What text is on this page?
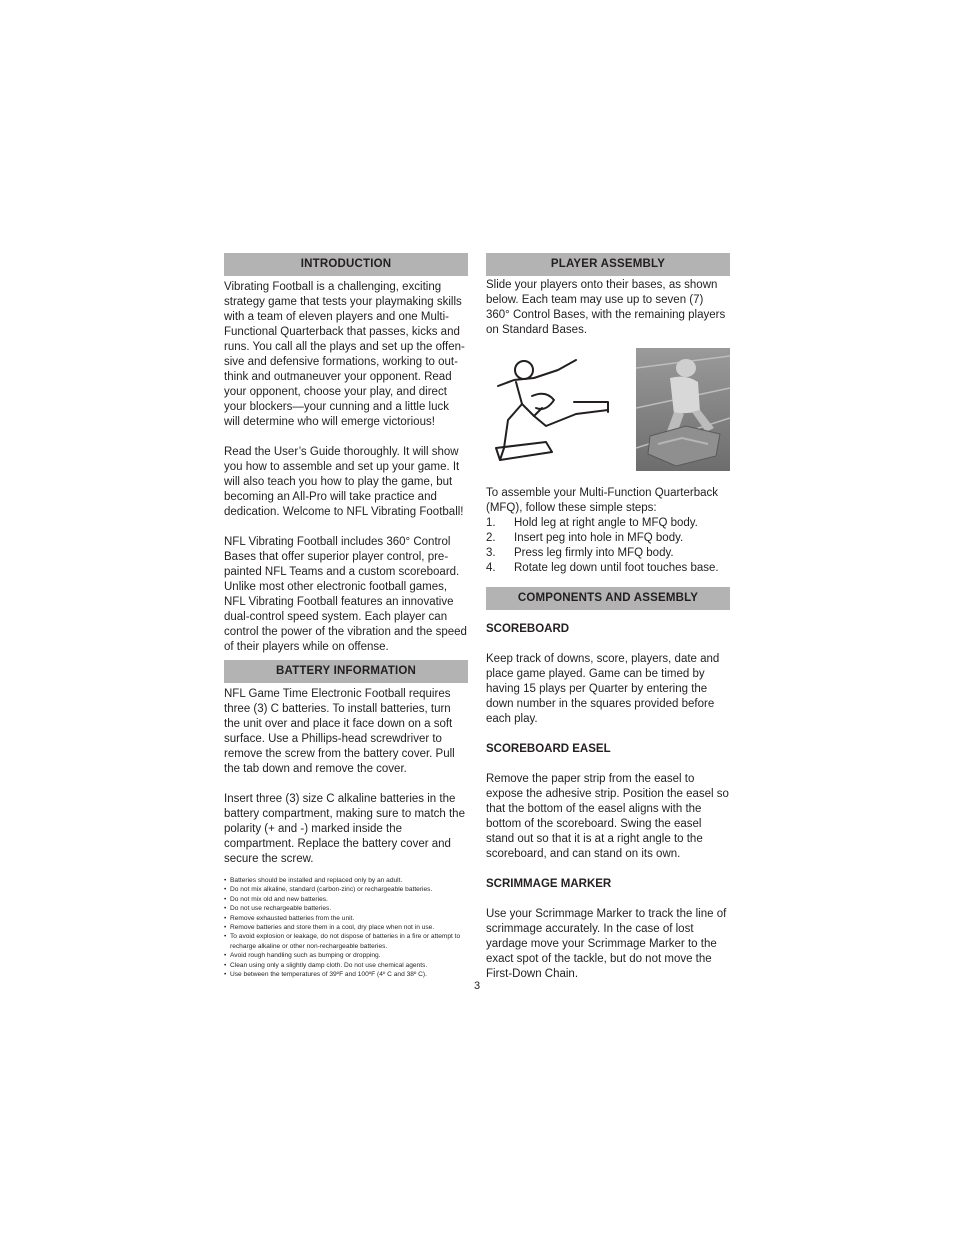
INTRODUCTION

Vibrating Football is a challenging, exciting strategy game that tests your playmaking skills with a team of eleven players and one Multi-Functional Quarterback that passes, kicks and runs. You call all the plays and set up the offen-sive and defensive formations, working to out-think and outmaneuver your opponent. Read your opponent, choose your play, and direct your blockers—your cunning and a little luck will determine who will emerge victorious!

Read the User’s Guide thoroughly. It will show you how to assemble and set up your game. It will also teach you how to play the game, but becoming an All-Pro will take practice and dedication. Welcome to NFL Vibrating Football!

NFL Vibrating Football includes 360° Control Bases that offer superior player control, pre-painted NFL Teams and a custom scoreboard. Unlike most other electronic football games, NFL Vibrating Football features an innovative dual-control speed system. Each player can control the power of the vibration and the speed of their players while on offense.

BATTERY INFORMATION

NFL Game Time Electronic Football requires three (3) C batteries. To install batteries, turn the unit over and place it face down on a soft surface. Use a Phillips-head screwdriver to remove the screw from the battery cover. Pull the tab down and remove the cover.

Insert three (3) size C alkaline batteries in the battery compartment, making sure to match the polarity (+ and -) marked inside the compartment. Replace the battery cover and secure the screw.

• Batteries should be installed and replaced only by an adult.
• Do not mix alkaline, standard (carbon-zinc) or rechargeable batteries.
• Do not mix old and new batteries.
• Do not use rechargeable batteries.
• Remove exhausted batteries from the unit.
• Remove batteries and store them in a cool, dry place when not in use.
• To avoid explosion or leakage, do not dispose of batteries in a fire or attempt to recharge alkaline or other non-rechargeable batteries.
• Avoid rough handling such as bumping or dropping.
• Clean using only a slightly damp cloth. Do not use chemical agents.
• Use between the temperatures of 39ºF and 100ºF (4º C and 38º C).
PLAYER ASSEMBLY

Slide your players onto their bases, as shown below. Each team may use up to seven (7) 360° Control Bases, with the remaining players on Standard Bases.

To assemble your Multi-Function Quarterback (MFQ), follow these simple steps:

1.	Hold leg at right angle to MFQ body.
2.	Insert peg into hole in MFQ body.
3.	Press leg firmly into MFQ body.
4.	Rotate leg down until foot touches base.
COMPONENTS AND ASSEMBLY

SCOREBOARD

Keep track of downs, score, players, date and place game played. Game can be timed by having 15 plays per Quarter by entering the down number in the squares provided before each play.

SCOREBOARD EASEL

Remove the paper strip from the easel to expose the adhesive strip. Position the easel so that the bottom of the easel aligns with the bottom of the scoreboard. Swing the easel stand out so that it is at a right angle to the scoreboard, and can stand on its own.

SCRIMMAGE MARKER

Use your Scrimmage Marker to track the line of scrimmage accurately. In the case of lost yardage move your Scrimmage Marker to the exact spot of the tackle, but do not move the First-Down Chain.

3
